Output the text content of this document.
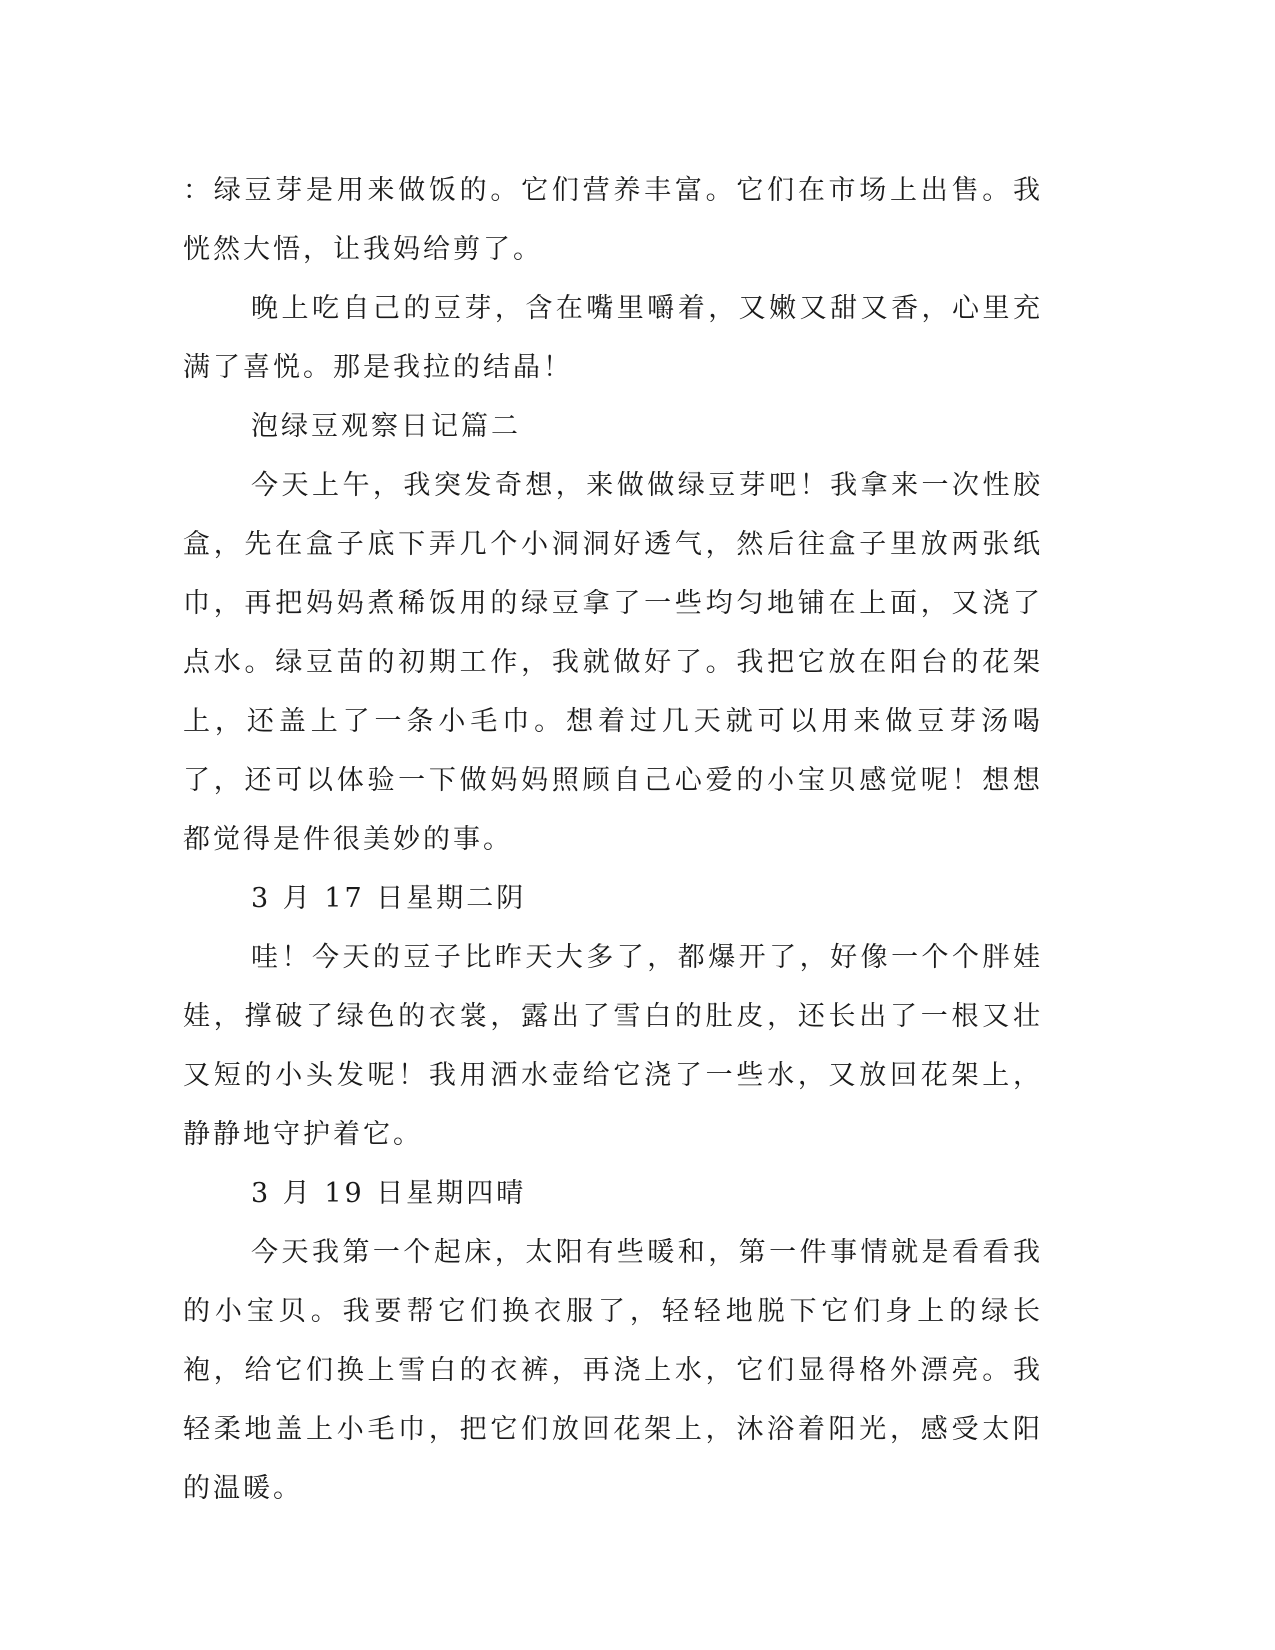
：绿豆芽是用来做饭的。它们营养丰富。它们在市场上出售。我恍然大悟，让我妈给剪了。

晚上吃自己的豆芽，含在嘴里嚼着，又嫩又甜又香，心里充满了喜悦。那是我拉的结晶！

泡绿豆观察日记篇二

今天上午，我突发奇想，来做做绿豆芽吧！我拿来一次性胶盒，先在盒子底下弄几个小洞洞好透气，然后往盒子里放两张纸巾，再把妈妈煮稀饭用的绿豆拿了一些均匀地铺在上面，又浇了点水。绿豆苗的初期工作，我就做好了。我把它放在阳台的花架上，还盖上了一条小毛巾。想着过几天就可以用来做豆芽汤喝了，还可以体验一下做妈妈照顾自己心爱的小宝贝感觉呢！想想都觉得是件很美妙的事。

3 月 17 日星期二阴

哇！今天的豆子比昨天大多了，都爆开了，好像一个个胖娃娃，撑破了绿色的衣裳，露出了雪白的肚皮，还长出了一根又壮又短的小头发呢！我用洒水壶给它浇了一些水，又放回花架上，静静地守护着它。

3 月 19 日星期四晴

今天我第一个起床，太阳有些暖和，第一件事情就是看看我的小宝贝。我要帮它们换衣服了，轻轻地脱下它们身上的绿长袍，给它们换上雪白的衣裤，再浇上水，它们显得格外漂亮。我轻柔地盖上小毛巾，把它们放回花架上，沐浴着阳光，感受太阳的温暖。
